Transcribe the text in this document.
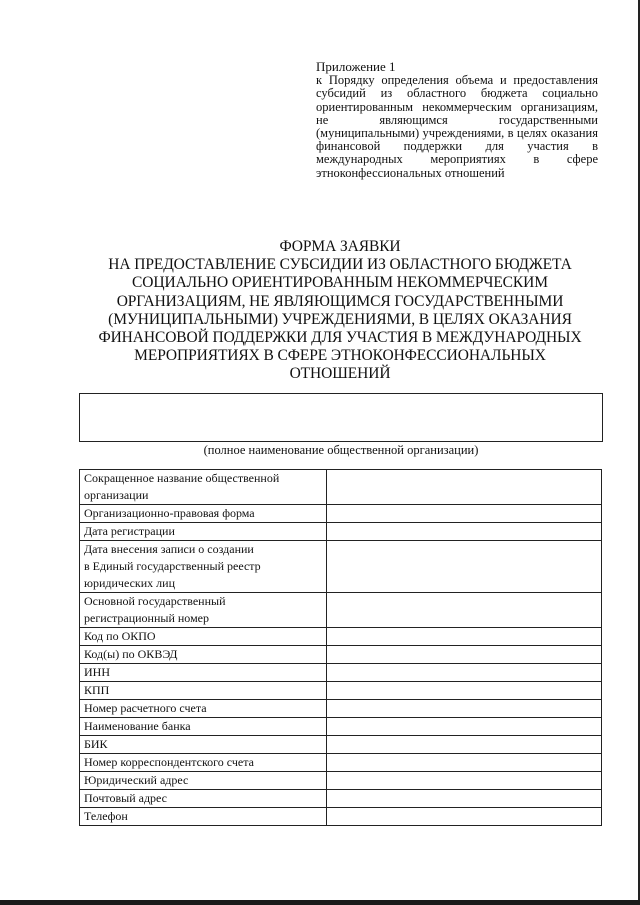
Приложение 1

к Порядку определения объема и предоставления субсидий из областного бюджета социально ориентированным некоммерческим организациям, не являющимся государственными (муниципальными) учреждениями, в целях оказания финансовой поддержки для участия в международных мероприятиях в сфере этноконфессиональных отношений

ФОРМА ЗАЯВКИ
НА ПРЕДОСТАВЛЕНИЕ СУБСИДИИ ИЗ ОБЛАСТНОГО БЮДЖЕТА
СОЦИАЛЬНО ОРИЕНТИРОВАННЫМ НЕКОММЕРЧЕСКИМ
ОРГАНИЗАЦИЯМ, НЕ ЯВЛЯЮЩИМСЯ ГОСУДАРСТВЕННЫМИ
(МУНИЦИПАЛЬНЫМИ) УЧРЕЖДЕНИЯМИ, В ЦЕЛЯХ ОКАЗАНИЯ
ФИНАНСОВОЙ ПОДДЕРЖКИ ДЛЯ УЧАСТИЯ В МЕЖДУНАРОДНЫХ
МЕРОПРИЯТИЯХ В СФЕРЕ ЭТНОКОНФЕССИОНАЛЬНЫХ
ОТНОШЕНИЙ
(полное наименование общественной организации)
Сокращенное название общественной
организации	

Организационно-правовая форма	
Дата регистрации	

Дата внесения записи о создании
в Единый государственный реестр
юридических лиц	

Основной государственный
регистрационный номер	

Код по ОКПО	
Код(ы) по ОКВЭД	
ИНН	
КПП	
Номер расчетного счета	
Наименование банка	
БИК	
Номер корреспондентского счета	
Юридический адрес	
Почтовый адрес	
Телефон	
